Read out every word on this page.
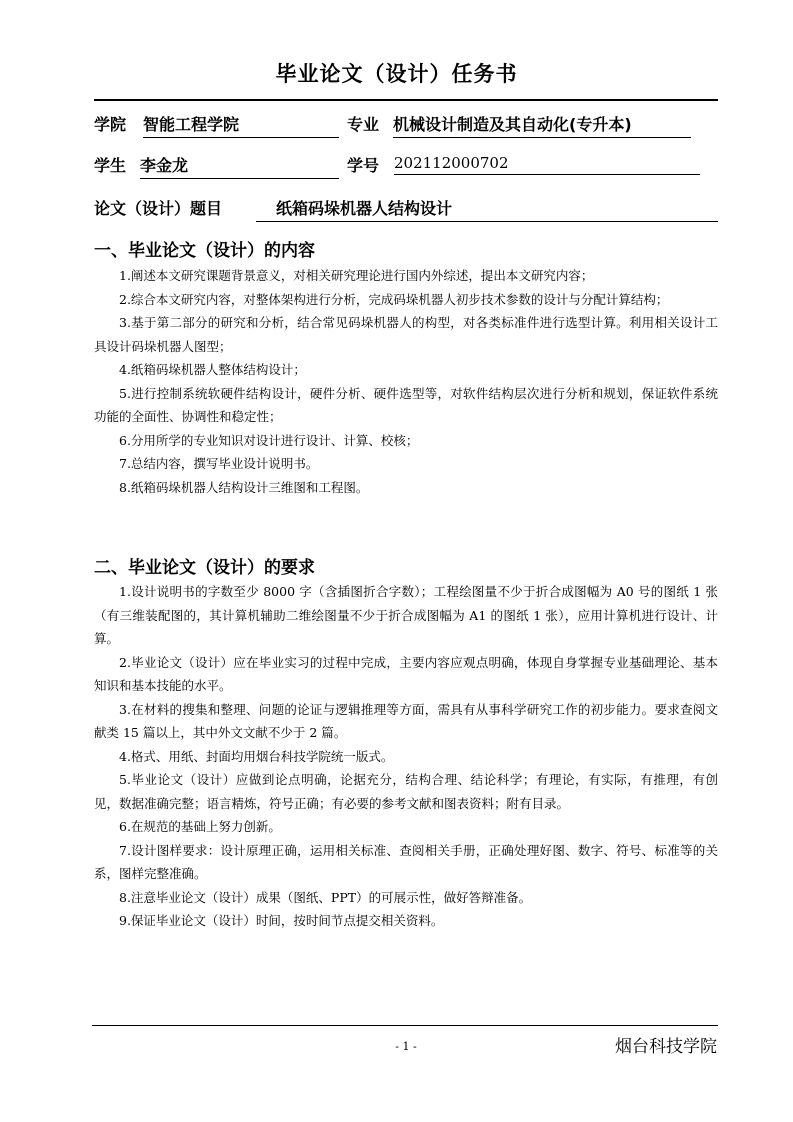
毕业论文（设计）任务书
学院 智能工程学院	专业 机械设计制造及其自动化(专升本)
学生 李金龙	学号 202112000702
论文（设计）题目	纸箱码垛机器人结构设计
一、毕业论文（设计）的内容

1.阐述本文研究课题背景意义，对相关研究理论进行国内外综述，提出本文研究内容；

2.综合本文研究内容，对整体架构进行分析，完成码垛机器人初步技术参数的设计与分配计算结构；

3.基于第二部分的研究和分析，结合常见码垛机器人的构型，对各类标准件进行选型计算。利用相关设计工具设计码垛机器人图型；

4.纸箱码垛机器人整体结构设计；

5.进行控制系统软硬件结构设计，硬件分析、硬件选型等，对软件结构层次进行分析和规划，保证软件系统功能的全面性、协调性和稳定性；

6.分用所学的专业知识对设计进行设计、计算、校核；

7.总结内容，撰写毕业设计说明书。

8.纸箱码垛机器人结构设计三维图和工程图。

二、毕业论文（设计）的要求

1.设计说明书的字数至少 8000 字（含插图折合字数）；工程绘图量不少于折合成图幅为 A0 号的图纸 1 张（有三维装配图的，其计算机辅助二维绘图量不少于折合成图幅为 A1 的图纸 1 张），应用计算机进行设计、计算。

2.毕业论文（设计）应在毕业实习的过程中完成，主要内容应观点明确，体现自身掌握专业基础理论、基本知识和基本技能的水平。

3.在材料的搜集和整理、问题的论证与逻辑推理等方面，需具有从事科学研究工作的初步能力。要求查阅文献类 15 篇以上，其中外文文献不少于 2 篇。

4.格式、用纸、封面均用烟台科技学院统一版式。

5.毕业论文（设计）应做到论点明确，论据充分，结构合理、结论科学；有理论，有实际，有推理，有创见，数据准确完整；语言精炼，符号正确；有必要的参考文献和图表资料；附有目录。

6.在规范的基础上努力创新。

7.设计图样要求：设计原理正确，运用相关标准、查阅相关手册，正确处理好图、数字、符号、标准等的关系，图样完整准确。

8.注意毕业论文（设计）成果（图纸、PPT）的可展示性，做好答辩准备。

9.保证毕业论文（设计）时间，按时间节点提交相关资料。

- 1 -	烟台科技学院
